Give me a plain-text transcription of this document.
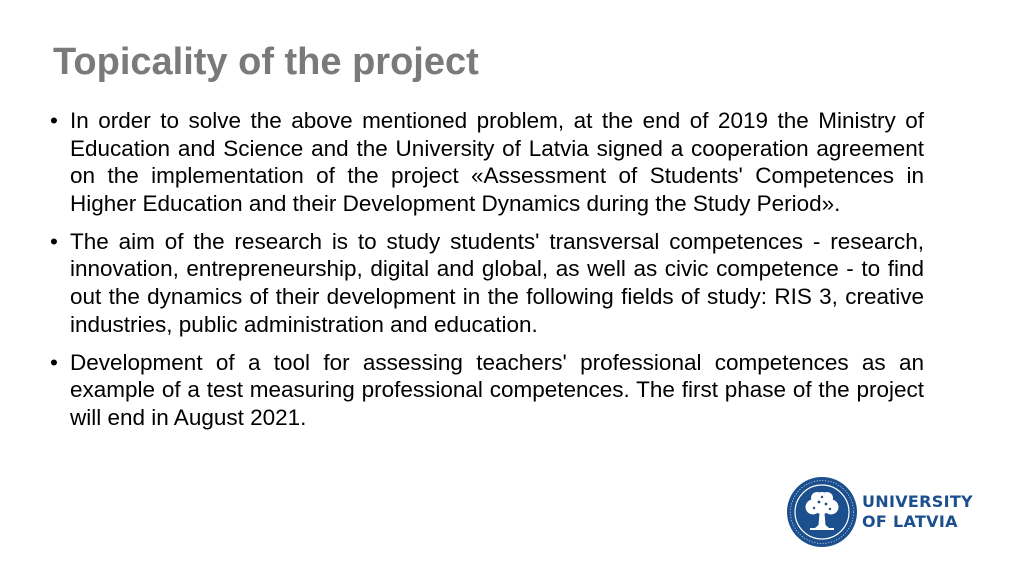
Topicality of the project
• In order to solve the above mentioned problem, at the end of 2019 the Ministry of Education and Science and the University of Latvia signed a cooperation agreement on the implementation of the project «Assessment of Students' Competences in Higher Education and their Development Dynamics during the Study Period».
• The aim of the research is to study students' transversal competences - research, innovation, entrepreneurship, digital and global, as well as civic competence - to find out the dynamics of their development in the following fields of study: RIS 3, creative industries, public administration and education.
• Development of a tool for assessing teachers' professional competences as an example of a test measuring professional competences. The first phase of the project will end in August 2021.
UNIVERSITY
OF LATVIA
